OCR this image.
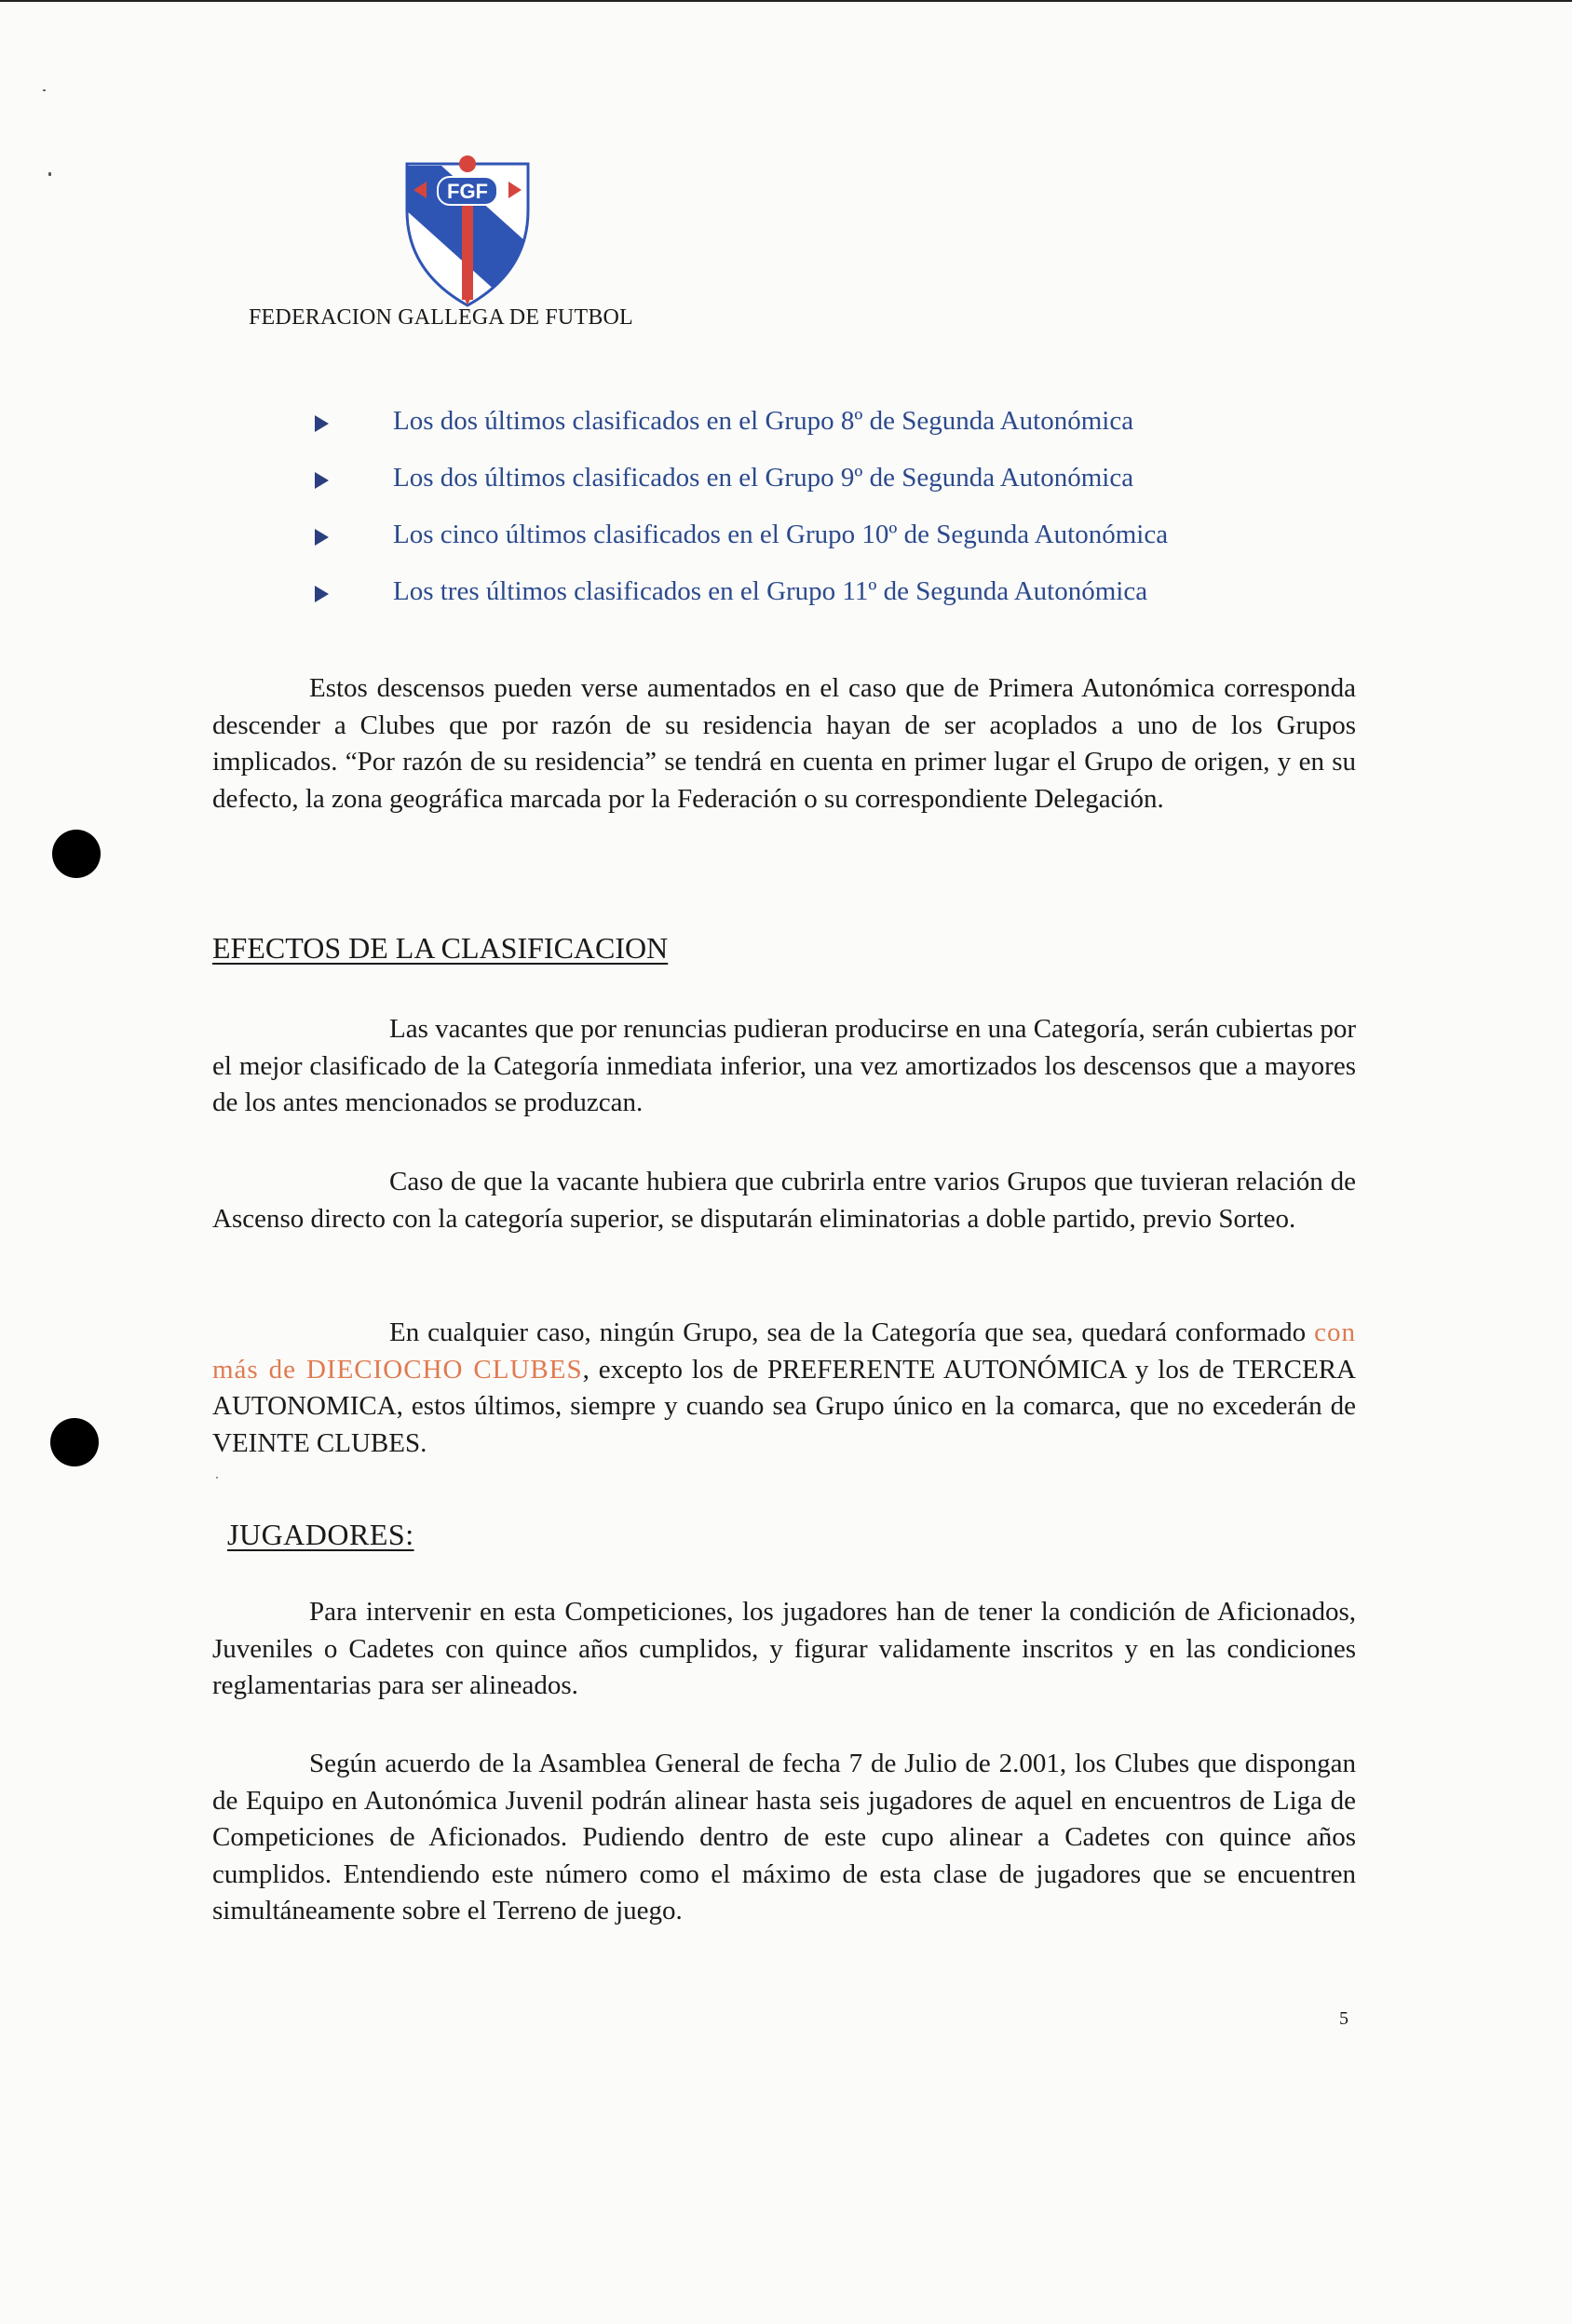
FGF
FEDERACION GALLEGA DE FUTBOL
Los dos últimos clasificados en el Grupo 8º de Segunda Autonómica
Los dos últimos clasificados en el Grupo 9º de Segunda Autonómica
Los cinco últimos clasificados en el Grupo 10º de Segunda Autonómica
Los tres últimos clasificados en el Grupo 11º de Segunda Autonómica

Estos descensos pueden verse aumentados en el caso que de Primera Autonómica corresponda descender a Clubes que por razón de su residencia hayan de ser acoplados a uno de los Grupos implicados. “Por razón de su residencia” se tendrá en cuenta en primer lugar el Grupo de origen, y en su defecto, la zona geográfica marcada por la Federación o su correspondiente Delegación.

EFECTOS DE LA CLASIFICACION

Las vacantes que por renuncias pudieran producirse en una Categoría, serán cubiertas por el mejor clasificado de la Categoría inmediata inferior, una vez amortizados los descensos que a mayores de los antes mencionados se produzcan.

Caso de que la vacante hubiera que cubrirla entre varios Grupos que tuvieran relación de Ascenso directo con la categoría superior, se disputarán eliminatorias a doble partido, previo Sorteo.

En cualquier caso, ningún Grupo, sea de la Categoría que sea, quedará conformado con más de DIECIOCHO CLUBES, excepto los de PREFERENTE AUTONÓMICA y los de TERCERA AUTONOMICA, estos últimos, siempre y cuando sea Grupo único en la comarca, que no excederán de VEINTE CLUBES.

JUGADORES:

Para intervenir en esta Competiciones, los jugadores han de tener la condición de Aficionados, Juveniles o Cadetes con quince años cumplidos, y figurar validamente inscritos y en las condiciones reglamentarias para ser alineados.

Según acuerdo de la Asamblea General de fecha 7 de Julio de 2.001, los Clubes que dispongan de Equipo en Autonómica Juvenil podrán alinear hasta seis jugadores de aquel en encuentros de Liga de Competiciones de Aficionados. Pudiendo dentro de este cupo alinear a Cadetes con quince años cumplidos. Entendiendo este número como el máximo de esta clase de jugadores que se encuentren simultáneamente sobre el Terreno de juego.

5
